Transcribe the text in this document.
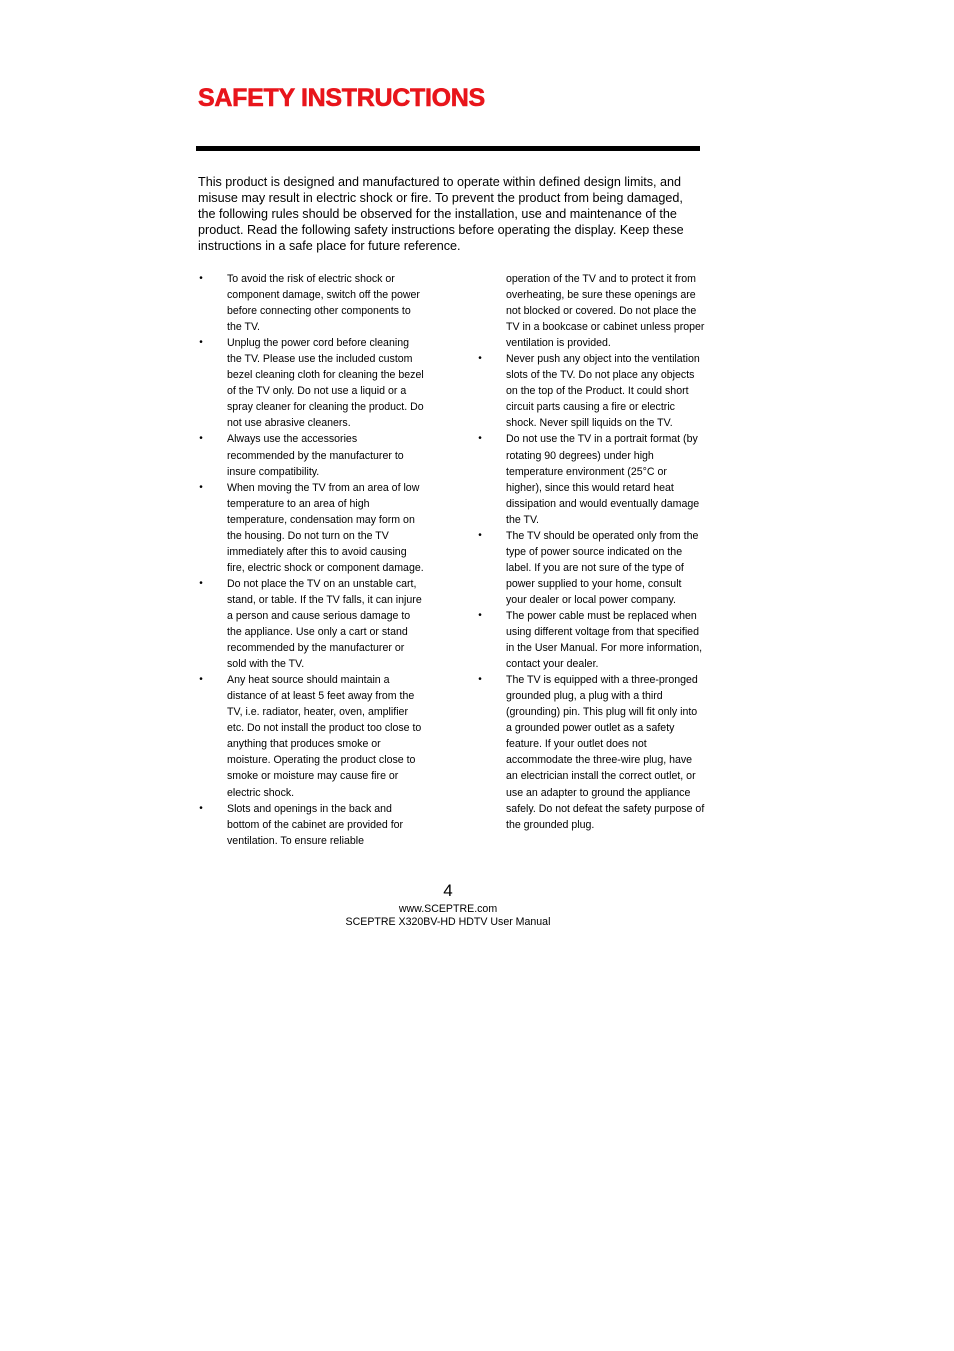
SAFETY INSTRUCTIONS

This product is designed and manufactured to operate within defined design limits, and misuse may result in electric shock or fire. To prevent the product from being damaged, the following rules should be observed for the installation, use and maintenance of the product. Read the following safety instructions before operating the display. Keep these instructions in a safe place for future reference.

•	To avoid the risk of electric shock or component damage, switch off the power before connecting other components to the TV.
•	Unplug the power cord before cleaning the TV. Please use the included custom bezel cleaning cloth for cleaning the bezel of the TV only. Do not use a liquid or a spray cleaner for cleaning the product. Do not use abrasive cleaners.
•	Always use the accessories recommended by the manufacturer to insure compatibility.
•	When moving the TV from an area of low temperature to an area of high temperature, condensation may form on the housing. Do not turn on the TV immediately after this to avoid causing fire, electric shock or component damage.
•	Do not place the TV on an unstable cart, stand, or table. If the TV falls, it can injure a person and cause serious damage to the appliance. Use only a cart or stand recommended by the manufacturer or sold with the TV.
•	Any heat source should maintain a distance of at least 5 feet away from the TV, i.e. radiator, heater, oven, amplifier etc. Do not install the product too close to anything that produces smoke or moisture. Operating the product close to smoke or moisture may cause fire or electric shock.
•	Slots and openings in the back and bottom of the cabinet are provided for ventilation. To ensure reliable
operation of the TV and to protect it from overheating, be sure these openings are not blocked or covered. Do not place the TV in a bookcase or cabinet unless proper ventilation is provided.
•	Never push any object into the ventilation slots of the TV. Do not place any objects on the top of the Product. It could short circuit parts causing a fire or electric shock. Never spill liquids on the TV.
•	Do not use the TV in a portrait format (by rotating 90 degrees) under high temperature environment (25°C or higher), since this would retard heat dissipation and would eventually damage the TV.
•	The TV should be operated only from the type of power source indicated on the label. If you are not sure of the type of power supplied to your home, consult your dealer or local power company.
•	The power cable must be replaced when using different voltage from that specified in the User Manual. For more information, contact your dealer.
•	The TV is equipped with a three-pronged grounded plug, a plug with a third (grounding) pin. This plug will fit only into a grounded power outlet as a safety feature. If your outlet does not accommodate the three-wire plug, have an electrician install the correct outlet, or use an adapter to ground the appliance safely. Do not defeat the safety purpose of the grounded plug.
4
www.SCEPTRE.com
SCEPTRE X320BV-HD HDTV User Manual
